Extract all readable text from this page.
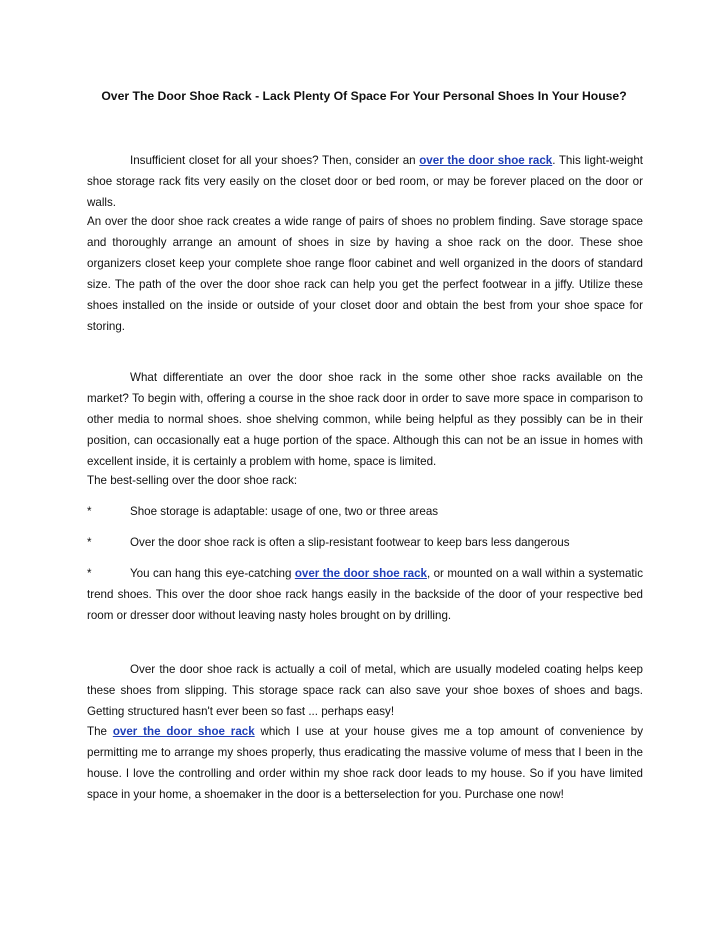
Over The Door Shoe Rack - Lack Plenty Of Space For Your Personal Shoes In Your House?

Insufficient closet for all your shoes? Then, consider an over the door shoe rack. This light-weight shoe storage rack fits very easily on the closet door or bed room, or may be forever placed on the door or walls.

An over the door shoe rack creates a wide range of pairs of shoes no problem finding. Save storage space and thoroughly arrange an amount of shoes in size by having a shoe rack on the door. These shoe organizers closet keep your complete shoe range floor cabinet and well organized in the doors of standard size. The path of the over the door shoe rack can help you get the perfect footwear in a jiffy. Utilize these shoes installed on the inside or outside of your closet door and obtain the best from your shoe space for storing.

What differentiate an over the door shoe rack in the some other shoe racks available on the market? To begin with, offering a course in the shoe rack door in order to save more space in comparison to other media to normal shoes. shoe shelving common, while being helpful as they possibly can be in their position, can occasionally eat a huge portion of the space. Although this can not be an issue in homes with excellent inside, it is certainly a problem with home, space is limited.

The best-selling over the door shoe rack:

*	Shoe storage is adaptable: usage of one, two or three areas
*	Over the door shoe rack is often a slip-resistant footwear to keep bars less dangerous
*	You can hang this eye-catching over the door shoe rack, or mounted on a wall within a systematic trend shoes. This over the door shoe rack hangs easily in the backside of the door of your respective bed room or dresser door without leaving nasty holes brought on by drilling.

Over the door shoe rack is actually a coil of metal, which are usually modeled coating helps keep these shoes from slipping. This storage space rack can also save your shoe boxes of shoes and bags. Getting structured hasn't ever been so fast ... perhaps easy!

The over the door shoe rack which I use at your house gives me a top amount of convenience by permitting me to arrange my shoes properly, thus eradicating the massive volume of mess that I been in the house. I love the controlling and order within my shoe rack door leads to my house. So if you have limited space in your home, a shoemaker in the door is a betterselection for you. Purchase one now!
